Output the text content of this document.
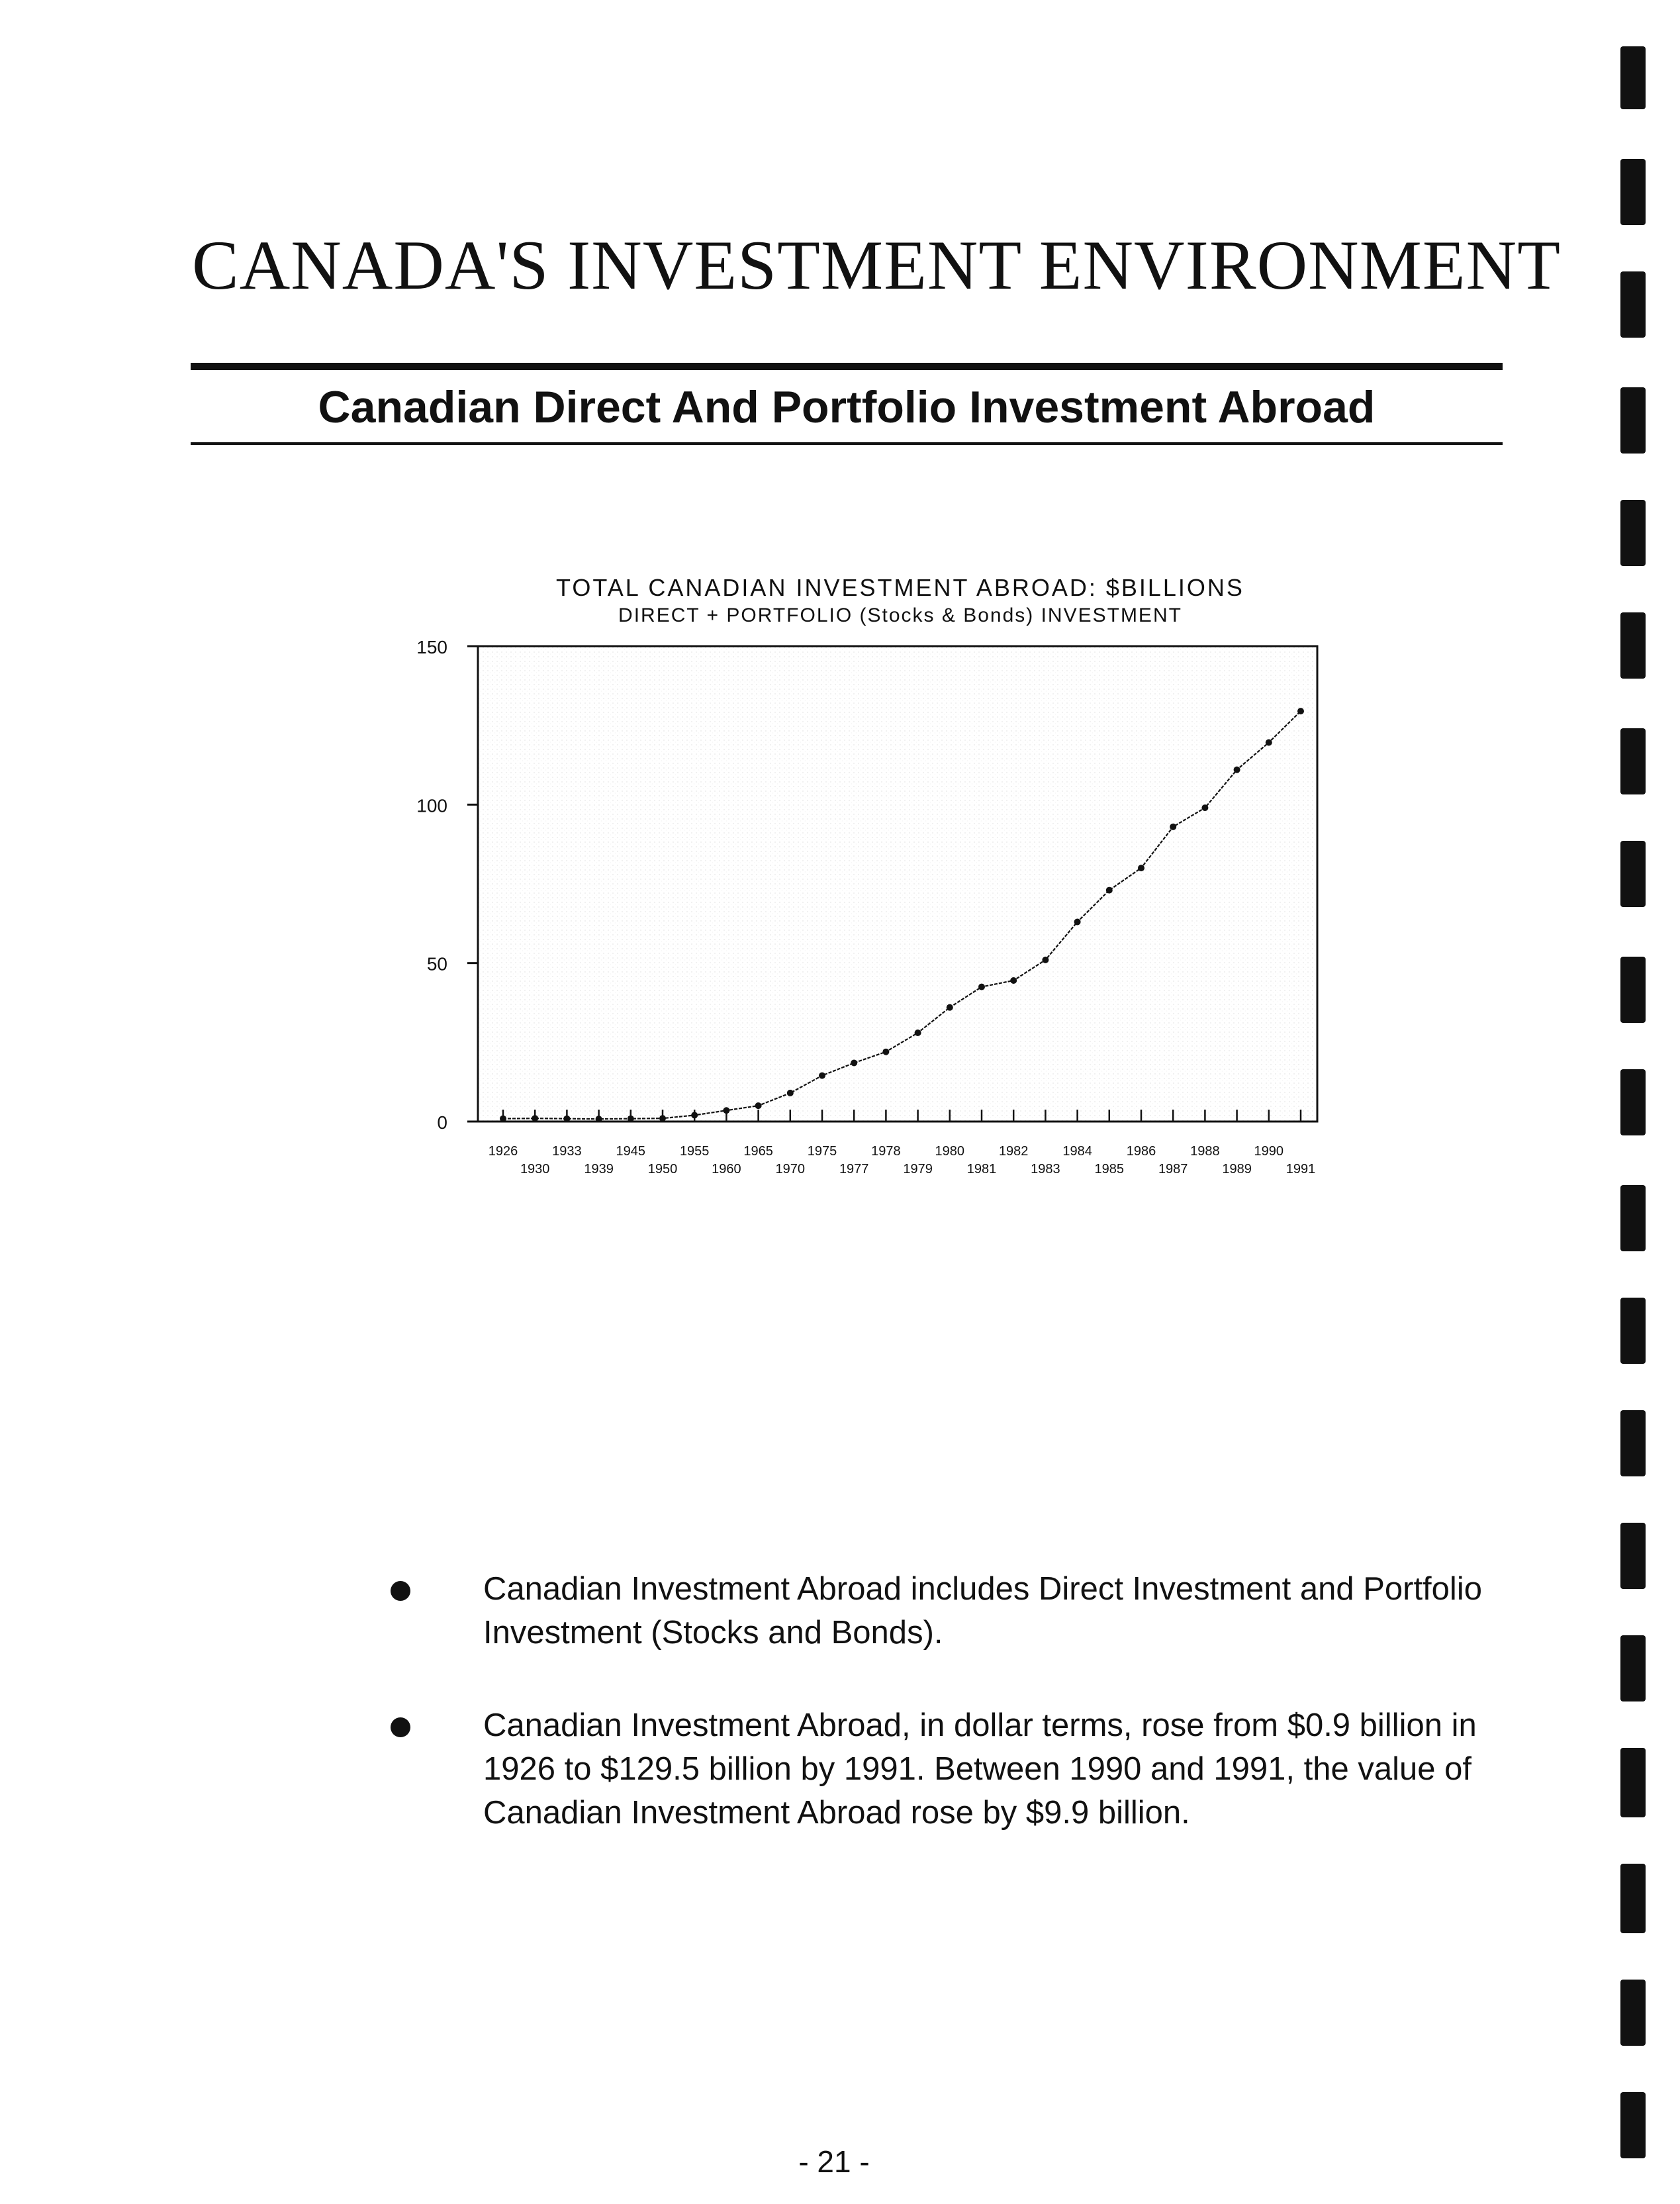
CANADA'S INVESTMENT ENVIRONMENT
Canadian Direct And Portfolio Investment Abroad
TOTAL CANADIAN INVESTMENT ABROAD: $BILLIONS
DIRECT + PORTFOLIO (Stocks & Bonds) INVESTMENT
0
50
100
150
1926
1930
1933
1939
1945
1950
1955
1960
1965
1970
1975
1977
1978
1979
1980
1981
1982
1983
1984
1985
1986
1987
1988
1989
1990
1991
Canadian Investment Abroad includes Direct Investment and Portfolio Investment (Stocks and Bonds).
Canadian Investment Abroad, in dollar terms, rose from $0.9 billion in 1926 to $129.5 billion by 1991. Between 1990 and 1991, the value of Canadian Investment Abroad rose by $9.9 billion.
- 21 -
